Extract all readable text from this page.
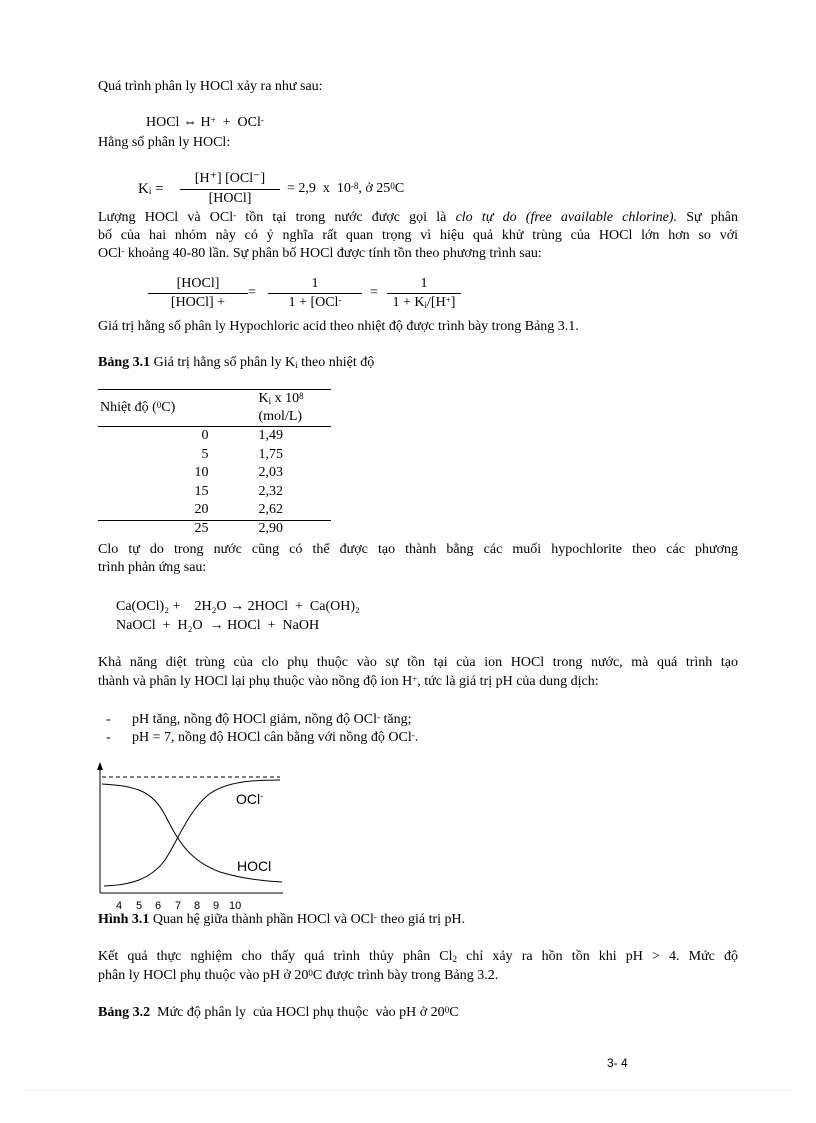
Quá trình phân ly HOCl xảy ra như sau:
HOCl ⇔ H+  +  OCl-
Hằng số phân ly HOCl:
$K_i$ =
[H⁺] [OCl⁻]
[HOCl]
= 2,9  x  $10^{-8}$, ở $25^0C$
Lượng HOCl và OCl- tồn tại trong nước được gọi là clo tự do (free available chlorine). Sự phân
bố của hai nhóm này có ý nghĩa rất quan trọng vì hiệu quả khử trùng của HOCl lớn hơn so với
OCl- khoảng 40-80 lần. Sự phân bố HOCl được tính tồn theo phương trình sau:
[HOCl]
[HOCl] +
=
1
1 + [OCl-	=
1
$1 + K_i/[H^+]$
Giá trị hằng số phân ly Hypochloric acid theo nhiệt độ được trình bày trong Bảng 3.1.
Bảng 3.1 Giá trị hằng số phân ly $K_i$ theo nhiệt độ
Nhiệt độ ($^0$C)	$K_i$ x $10^8$ (mol/L)
0	1,49
5	1,75
10	2,03
15	2,32
20	2,62
25	2,90
Clo tự do trong nước cũng có thể được tạo thành bằng các muối hypochlorite theo các phương
trình phản ứng sau:
Ca(OCl)₂ +    2H₂O → 2HOCl  +  Ca(OH)₂
NaOCl  +  H₂O  → HOCl  +  NaOH
Khả năng diệt trùng của clo phụ thuộc vào sự tồn tại của ion HOCl trong nước, mà quá trình tạo
thành và phân ly HOCl lại phụ thuộc vào nồng độ ion H+, tức là giá trị pH của dung dịch:
- pH tăng, nồng độ HOCl giảm, nồng độ OCl- tăng;
- pH = 7, nồng độ HOCl cân bằng với nồng độ OCl-.
OCl-
HOCl
4 5 6 7 8 9 10
Hình 3.1 Quan hệ giữa thành phần HOCl và OCl- theo giá trị pH.
Kết quả thực nghiệm cho thấy quá trình thủy phân $Cl_2$ chỉ xảy ra hồn tồn khi pH > 4. Mức độ
phân ly HOCl phụ thuộc vào pH ở $20^0C$ được trình bày trong Bảng 3.2.
Bảng 3.2  Mức độ phân ly  của HOCl phụ thuộc  vào pH ở $20^0C$
3- 4
